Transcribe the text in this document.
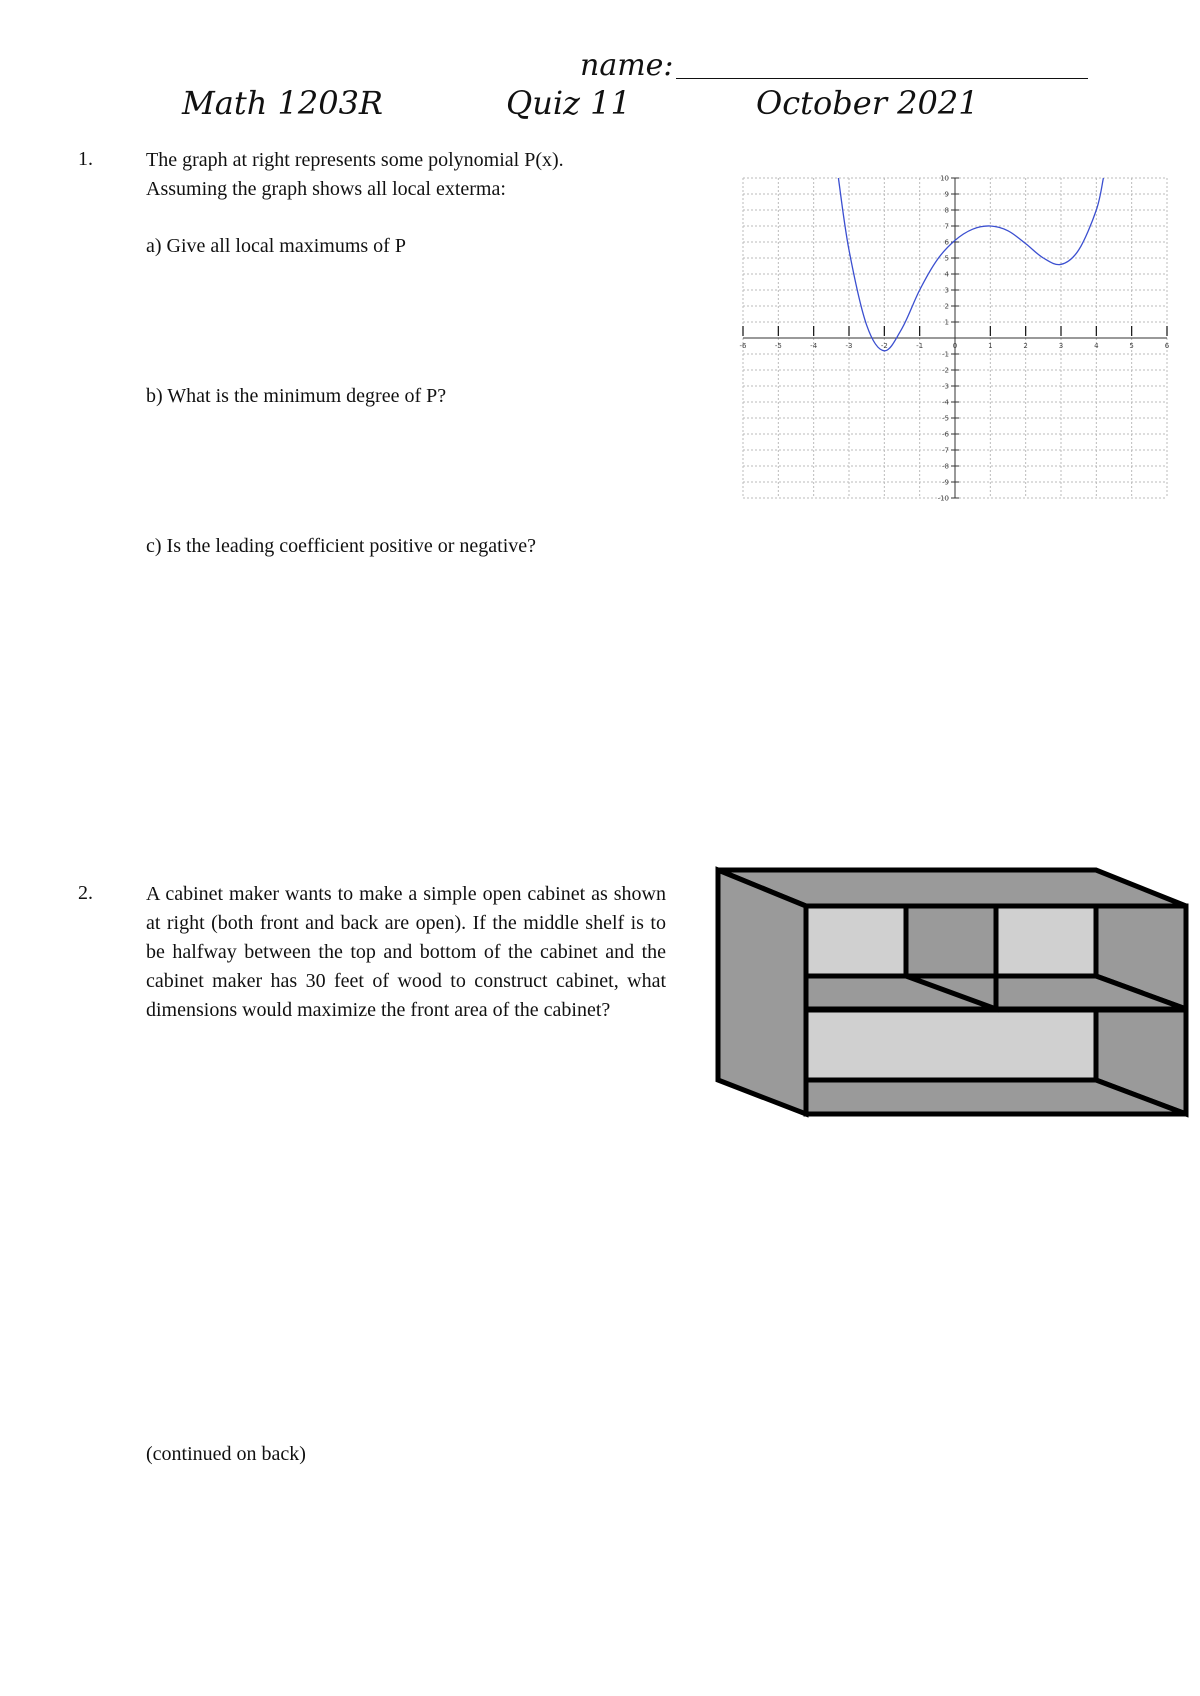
name:
Math 1203R	Quiz 11	October 2021
1.	The graph at right represents some polynomial P(x).
Assuming the graph shows all local exterma:
a) Give all local maximums of P
b) What is the minimum degree of P?
c) Is the leading coefficient positive or negative?
-6	-5	-4	-3	-2	-1	0	1	2	3	4	5	6
10
9
8
7
6
5
4
3
2
1
-1
-2
-3
-4
-5
-6
-7
-8
-9
-10
2.	A cabinet maker wants to make a simple open cabinet as shown at right (both front and back are open). If the middle shelf is to be halfway between the top and bottom of the cabinet and the cabinet maker has 30 feet of wood to construct cabinet, what dimensions would maximize the front area of the cabinet?
(continued on back)
